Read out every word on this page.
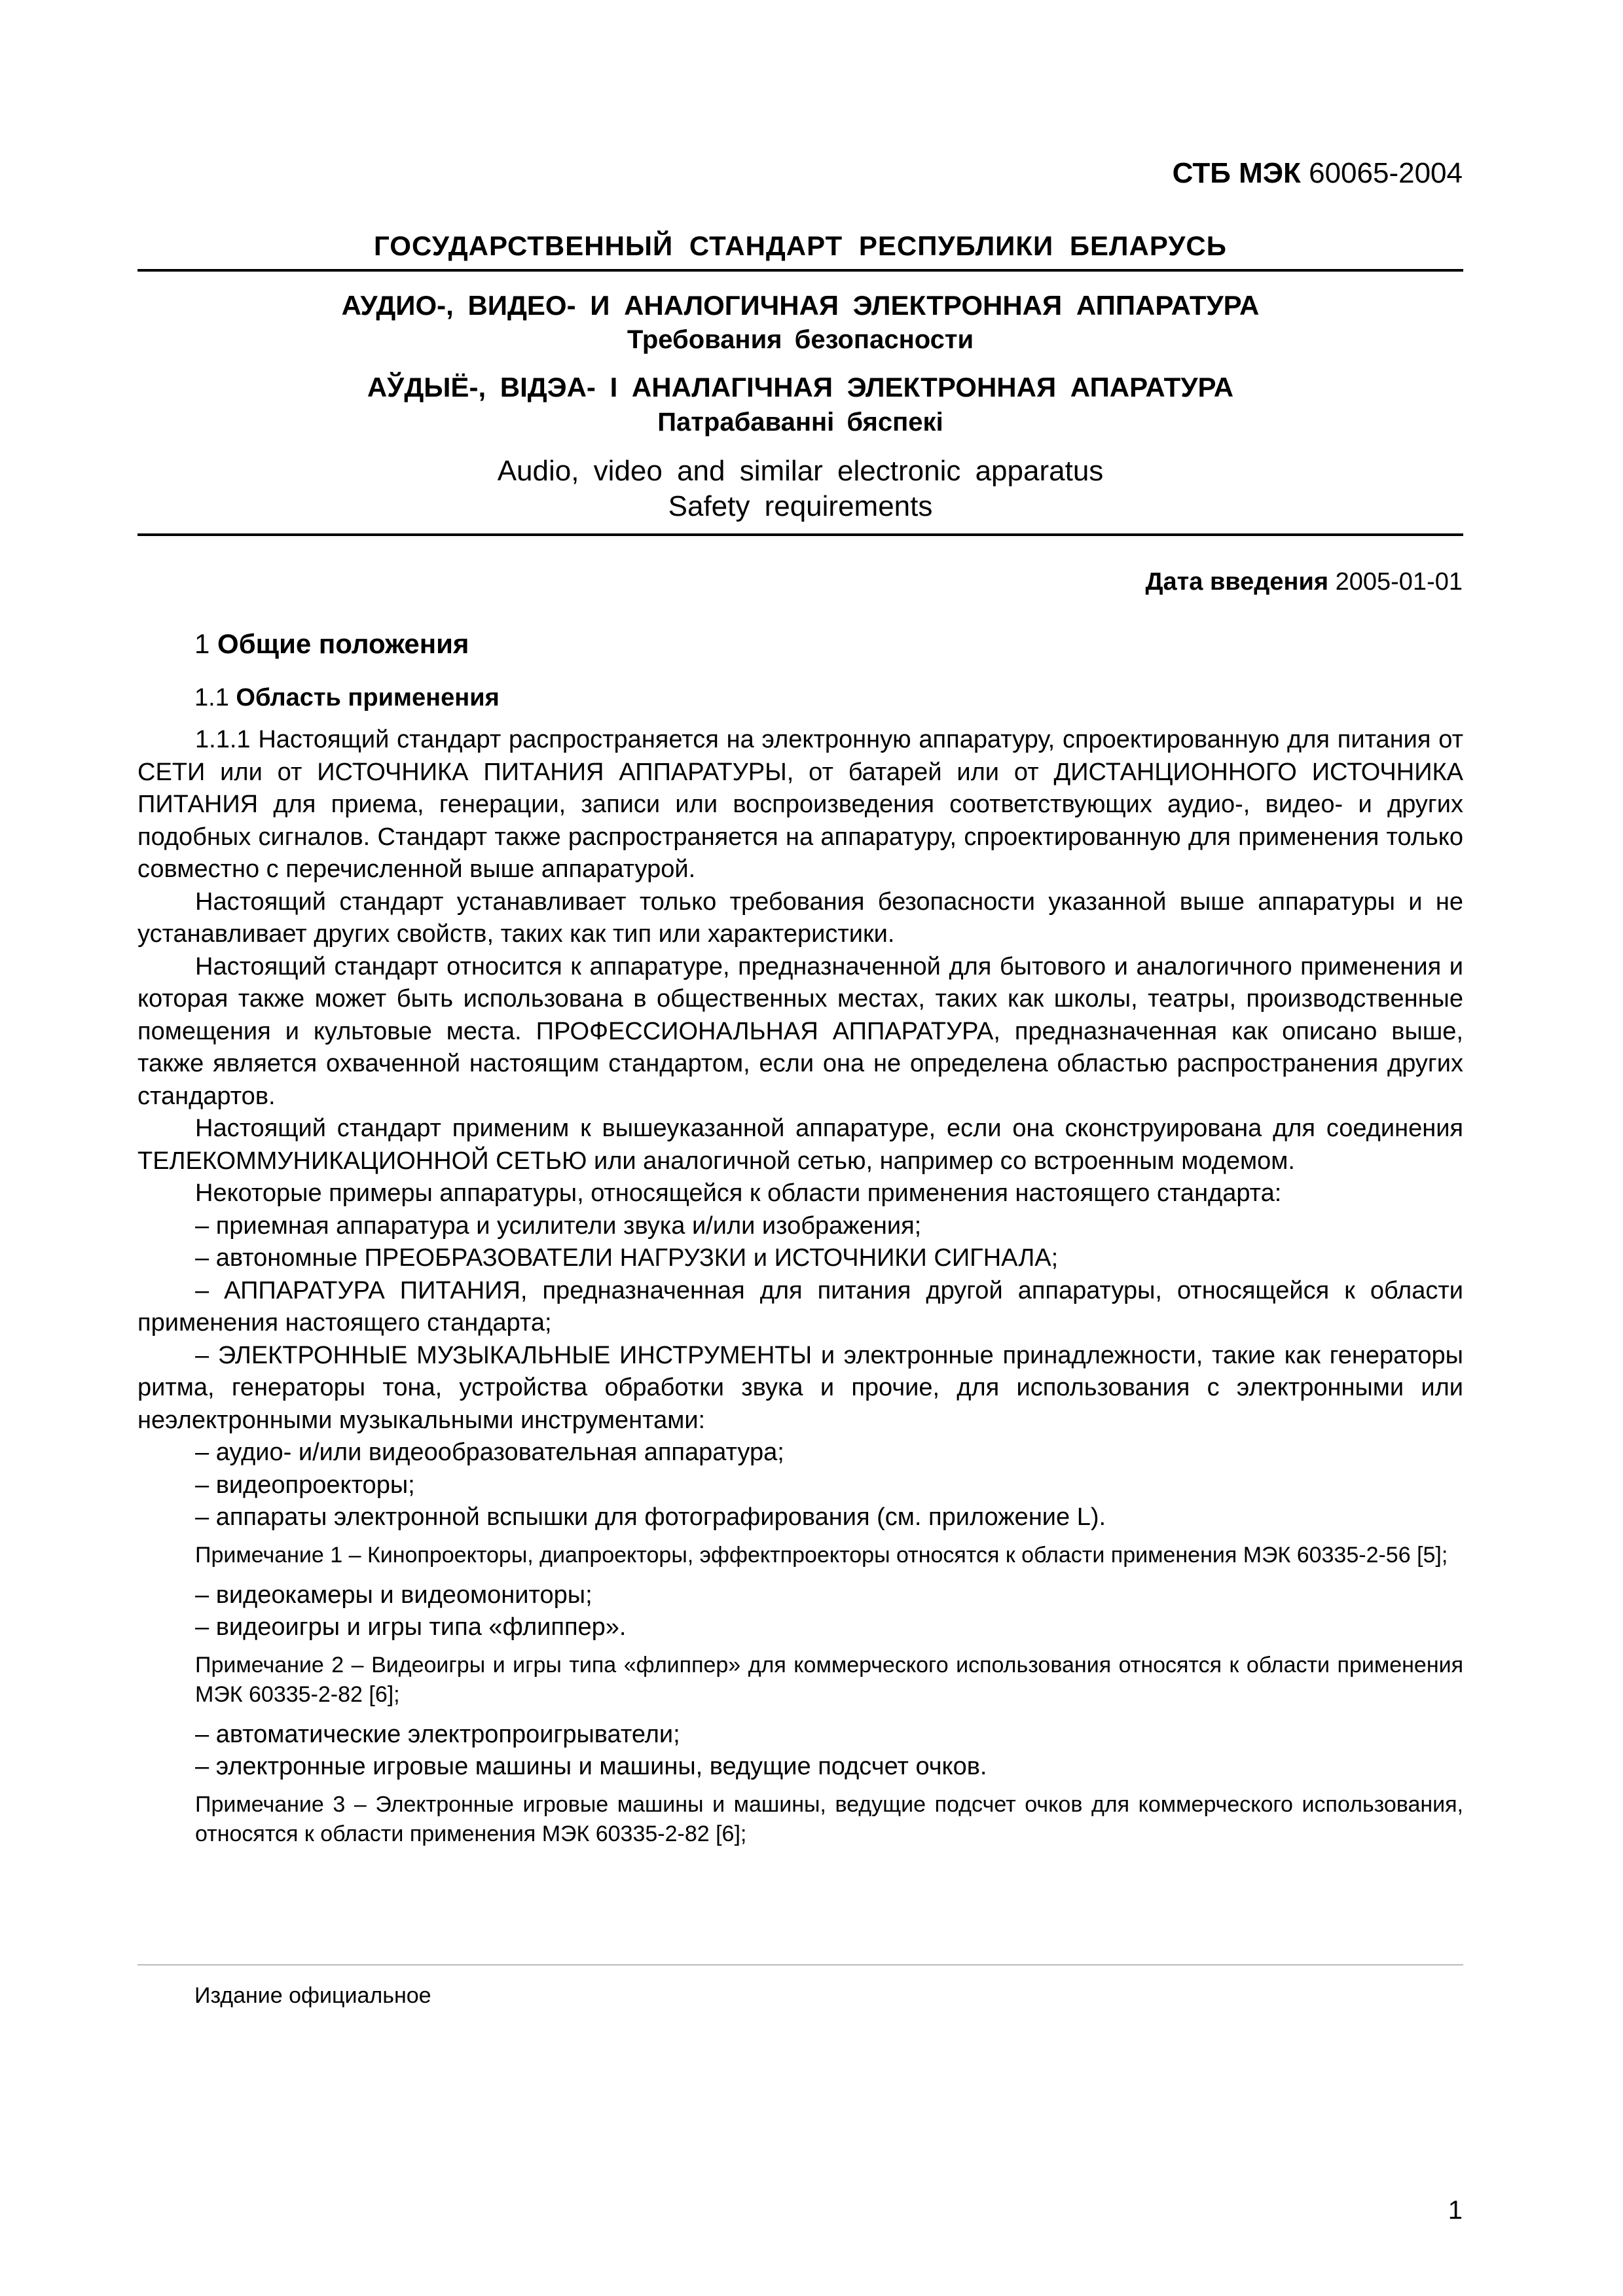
СТБ МЭК 60065-2004
ГОСУДАРСТВЕННЫЙ СТАНДАРТ РЕСПУБЛИКИ БЕЛАРУСЬ
АУДИО-, ВИДЕО- И АНАЛОГИЧНАЯ ЭЛЕКТРОННАЯ АППАРАТУРА
Требования безопасности
АЎДЫЁ-, ВІДЭА- І АНАЛАГІЧНАЯ ЭЛЕКТРОННАЯ АПАРАТУРА
Патрабаванні бяспекі
Audio, video and similar electronic apparatus
Safety requirements
Дата введения 2005-01-01
1 Общие положения
1.1 Область применения

1.1.1 Настоящий стандарт распространяется на электронную аппаратуру, спроектированную для питания от СЕТИ или от ИСТОЧНИКА ПИТАНИЯ АППАРАТУРЫ, от батарей или от ДИСТАНЦИОННОГО ИСТОЧНИКА ПИТАНИЯ для приема, генерации, записи или воспроизведения соответствующих аудио-, видео- и других подобных сигналов. Стандарт также распространяется на аппаратуру, спроектированную для применения только совместно с перечисленной выше аппаратурой.

Настоящий стандарт устанавливает только требования безопасности указанной выше аппаратуры и не устанавливает других свойств, таких как тип или характеристики.

Настоящий стандарт относится к аппаратуре, предназначенной для бытового и аналогичного применения и которая также может быть использована в общественных местах, таких как школы, театры, производственные помещения и культовые места. ПРОФЕССИОНАЛЬНАЯ АППАРАТУРА, предназначенная как описано выше, также является охваченной настоящим стандартом, если она не определена областью распространения других стандартов.

Настоящий стандарт применим к вышеуказанной аппаратуре, если она сконструирована для соединения ТЕЛЕКОММУНИКАЦИОННОЙ СЕТЬЮ или аналогичной сетью, например со встроенным модемом.

Некоторые примеры аппаратуры, относящейся к области применения настоящего стандарта:

– приемная аппаратура и усилители звука и/или изображения;

– автономные ПРЕОБРАЗОВАТЕЛИ НАГРУЗКИ и ИСТОЧНИКИ СИГНАЛА;

– АППАРАТУРА ПИТАНИЯ, предназначенная для питания другой аппаратуры, относящейся к области применения настоящего стандарта;

– ЭЛЕКТРОННЫЕ МУЗЫКАЛЬНЫЕ ИНСТРУМЕНТЫ и электронные принадлежности, такие как генераторы ритма, генераторы тона, устройства обработки звука и прочие, для использования с электронными или неэлектронными музыкальными инструментами:

– аудио- и/или видеообразовательная аппаратура;

– видеопроекторы;

– аппараты электронной вспышки для фотографирования (см. приложение L).

Примечание 1 – Кинопроекторы, диапроекторы, эффектпроекторы относятся к области применения МЭК 60335-2-56 [5];

– видеокамеры и видеомониторы;

– видеоигры и игры типа «флиппер».

Примечание 2 – Видеоигры и игры типа «флиппер» для коммерческого использования относятся к области применения МЭК 60335-2-82 [6];

– автоматические электропроигрыватели;

– электронные игровые машины и машины, ведущие подсчет очков.

Примечание 3 – Электронные игровые машины и машины, ведущие подсчет очков для коммерческого использования, относятся к области применения МЭК 60335-2-82 [6];

Издание официальное
1
